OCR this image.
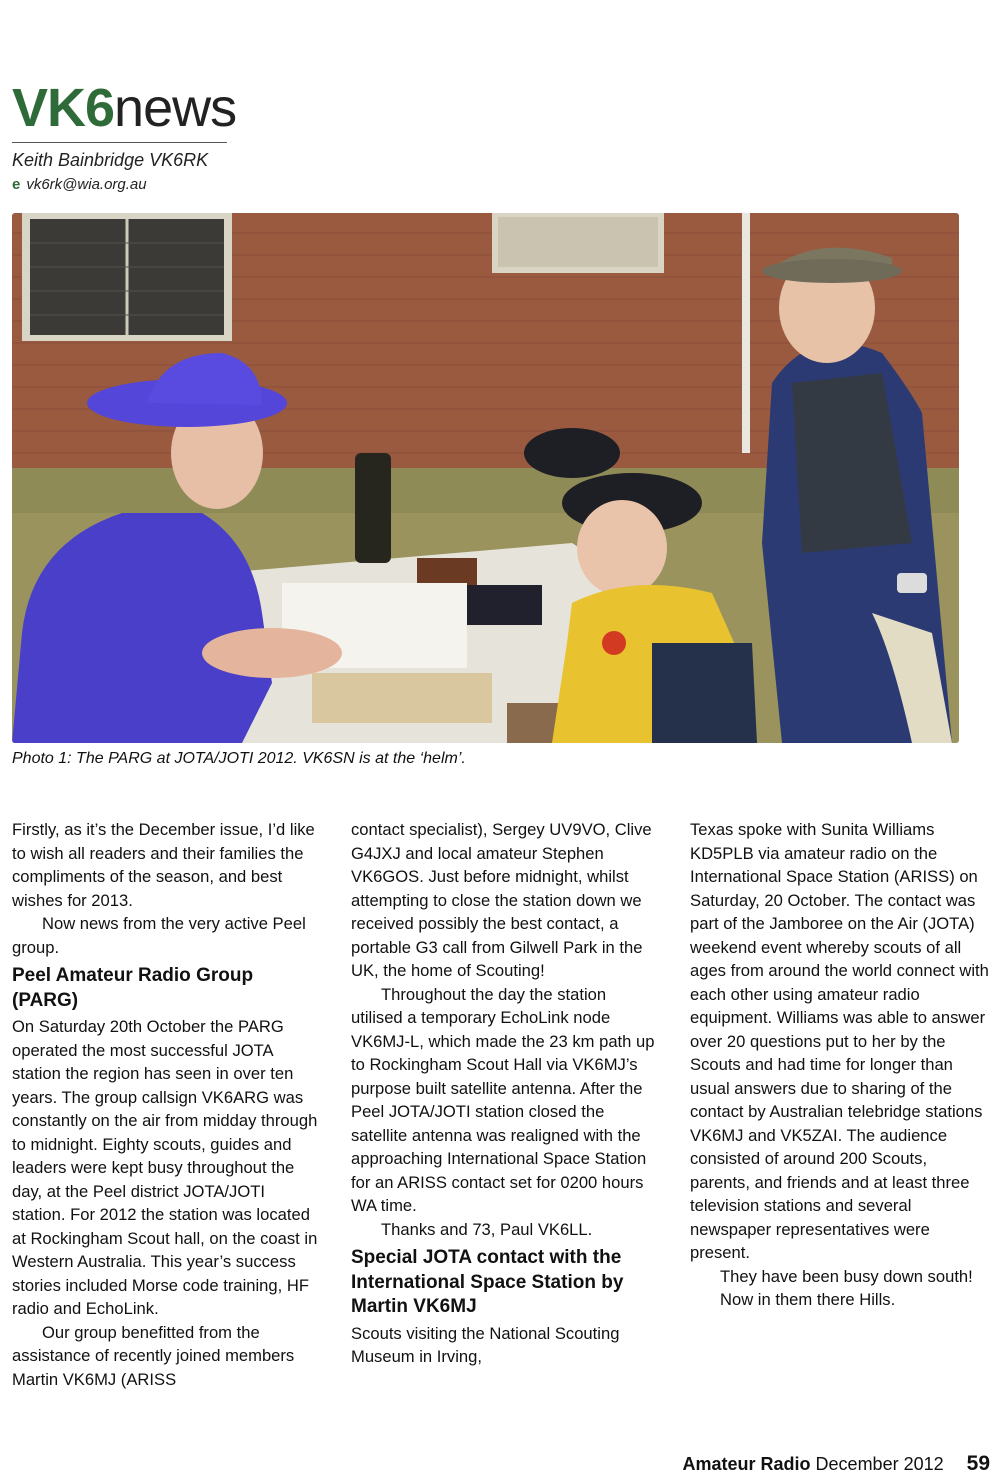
VK6news
Keith Bainbridge VK6RK
e vk6rk@wia.org.au
Photo 1: The PARG at JOTA/JOTI 2012. VK6SN is at the ‘helm’.

Firstly, as it’s the December issue, I’d like to wish all readers and their families the compliments of the season, and best wishes for 2013.

Now news from the very active Peel group.

Peel Amateur Radio Group (PARG)

On Saturday 20th October the PARG operated the most successful JOTA station the region has seen in over ten years. The group callsign VK6ARG was constantly on the air from midday through to midnight. Eighty scouts, guides and leaders were kept busy throughout the day, at the Peel district JOTA/JOTI station. For 2012 the station was located at Rockingham Scout hall, on the coast in Western Australia. This year’s success stories included Morse code training, HF radio and EchoLink.

Our group benefitted from the assistance of recently joined members Martin VK6MJ (ARISS

contact specialist), Sergey UV9VO, Clive G4JXJ and local amateur Stephen VK6GOS. Just before midnight, whilst attempting to close the station down we received possibly the best contact, a portable G3 call from Gilwell Park in the UK, the home of Scouting!

Throughout the day the station utilised a temporary EchoLink node VK6MJ-L, which made the 23 km path up to Rockingham Scout Hall via VK6MJ’s purpose built satellite antenna. After the Peel JOTA/JOTI station closed the satellite antenna was realigned with the approaching International Space Station for an ARISS contact set for 0200 hours WA time.

Thanks and 73, Paul VK6LL.

Special JOTA contact with the International Space Station by Martin VK6MJ

Scouts visiting the National Scouting Museum in Irving,

Texas spoke with Sunita Williams KD5PLB via amateur radio on the International Space Station (ARISS) on Saturday, 20 October. The contact was part of the Jamboree on the Air (JOTA) weekend event whereby scouts of all ages from around the world connect with each other using amateur radio equipment. Williams was able to answer over 20 questions put to her by the Scouts and had time for longer than usual answers due to sharing of the contact by Australian telebridge stations VK6MJ and VK5ZAI. The audience consisted of around 200 Scouts, parents, and friends and at least three television stations and several newspaper representatives were present.

They have been busy down south!

Now in them there Hills.

Amateur Radio December 2012 59
